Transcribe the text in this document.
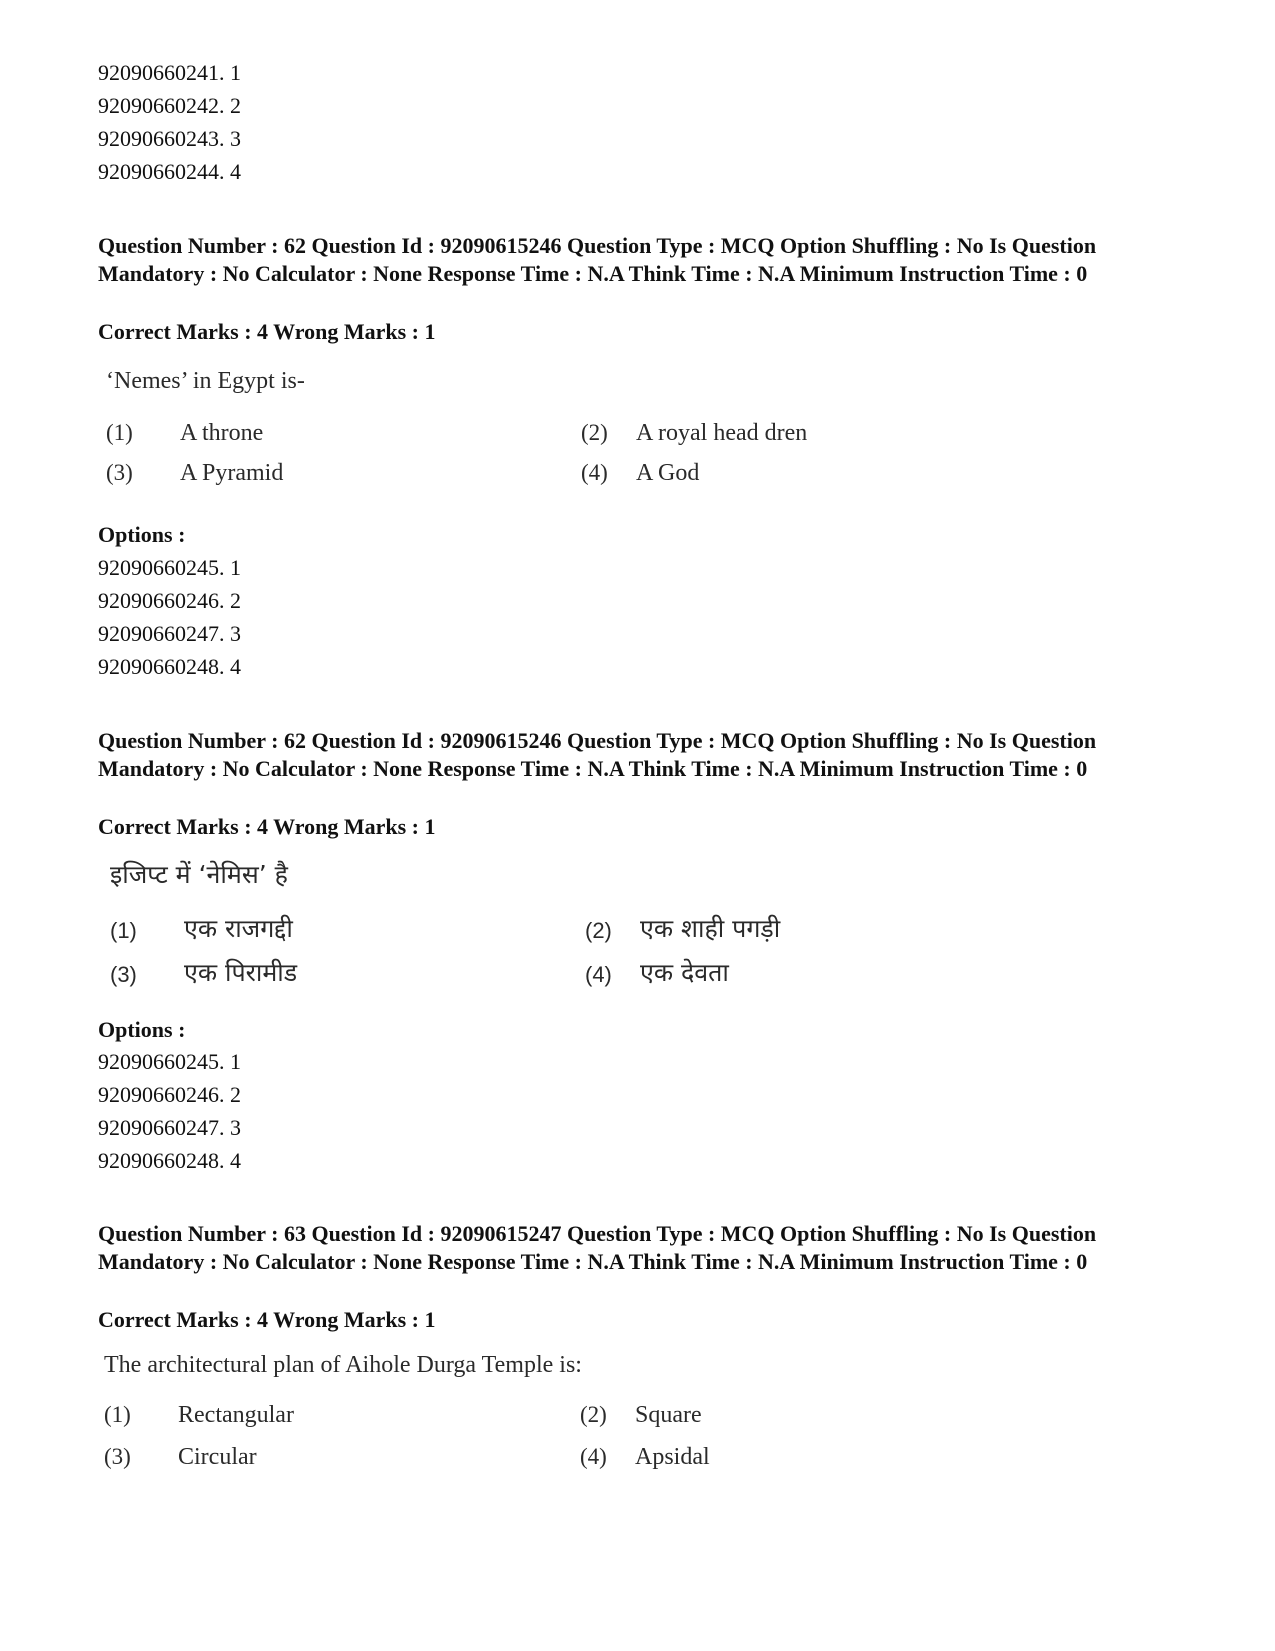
92090660241. 1
92090660242. 2
92090660243. 3
92090660244. 4
Question Number : 62 Question Id : 92090615246 Question Type : MCQ Option Shuffling : No Is Question Mandatory : No Calculator : None Response Time : N.A Think Time : N.A Minimum Instruction Time : 0
Correct Marks : 4 Wrong Marks : 1
‘Nemes’ in Egypt is-
(1) A throne	(2) A royal head dren
(3) A Pyramid	(4) A God
Options :
92090660245. 1
92090660246. 2
92090660247. 3
92090660248. 4
Question Number : 62 Question Id : 92090615246 Question Type : MCQ Option Shuffling : No Is Question Mandatory : No Calculator : None Response Time : N.A Think Time : N.A Minimum Instruction Time : 0
Correct Marks : 4 Wrong Marks : 1
इजिप्ट में ‘नेमिस’ है
(1) एक राजगद्दी	(2) एक शाही पगड़ी
(3) एक पिरामीड	(4) एक देवता
Options :
92090660245. 1
92090660246. 2
92090660247. 3
92090660248. 4
Question Number : 63 Question Id : 92090615247 Question Type : MCQ Option Shuffling : No Is Question Mandatory : No Calculator : None Response Time : N.A Think Time : N.A Minimum Instruction Time : 0
Correct Marks : 4 Wrong Marks : 1
The architectural plan of Aihole Durga Temple is:
(1) Rectangular	(2) Square
(3) Circular	(4) Apsidal
